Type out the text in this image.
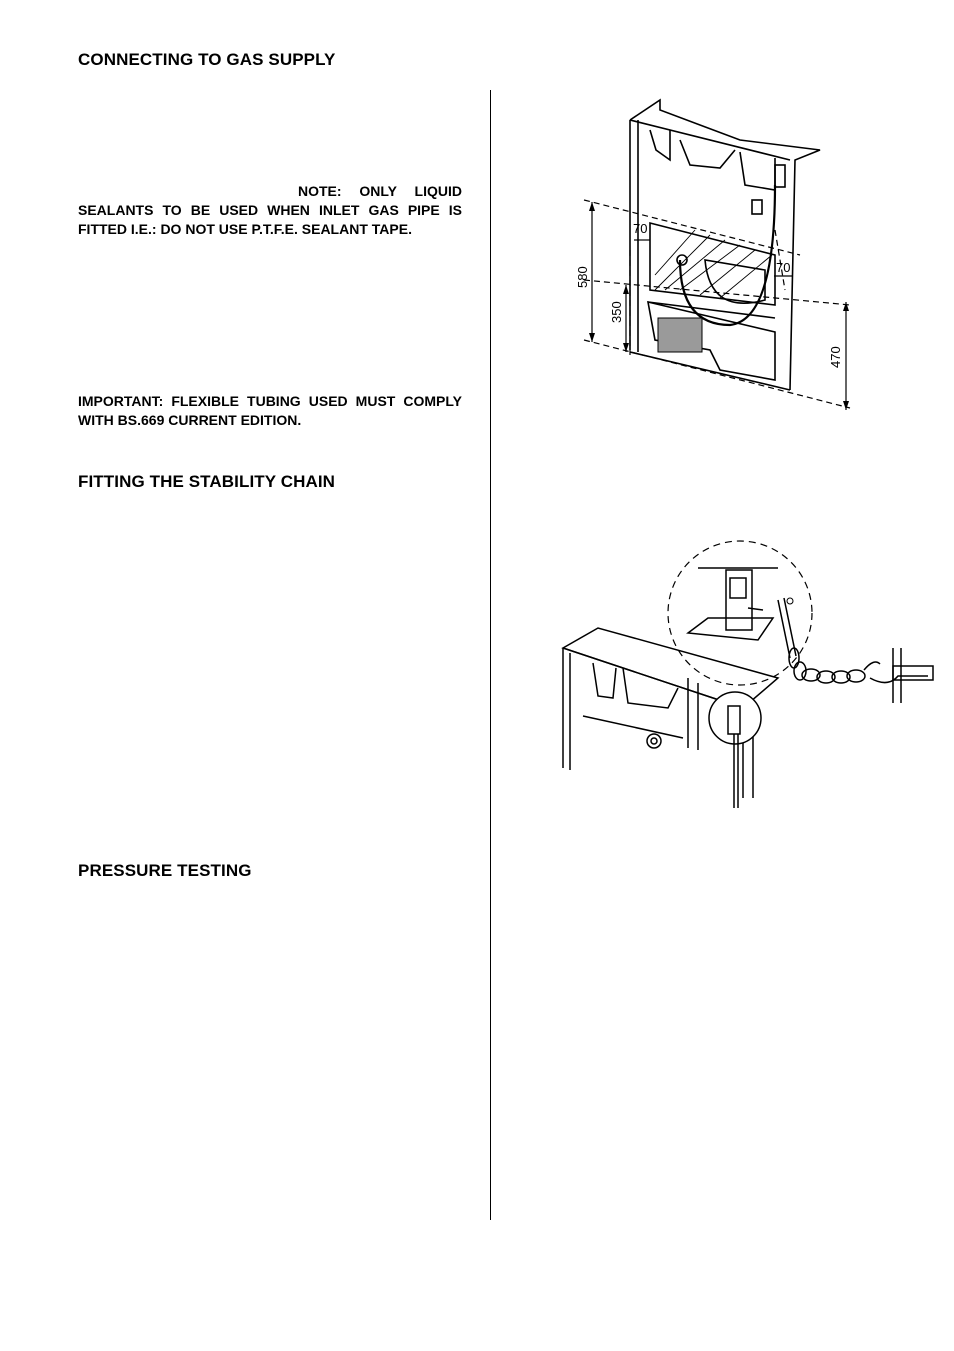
CONNECTING TO GAS SUPPLY

NOTE: ONLY LIQUID SEALANTS TO BE USED WHEN INLET GAS PIPE IS FITTED I.E.: DO NOT USE P.T.F.E. SEALANT TAPE.

IMPORTANT: FLEXIBLE TUBING USED MUST COMPLY WITH BS.669 CURRENT EDITION.

FITTING THE STABILITY CHAIN
PRESSURE TESTING
580
350
470
70
70
